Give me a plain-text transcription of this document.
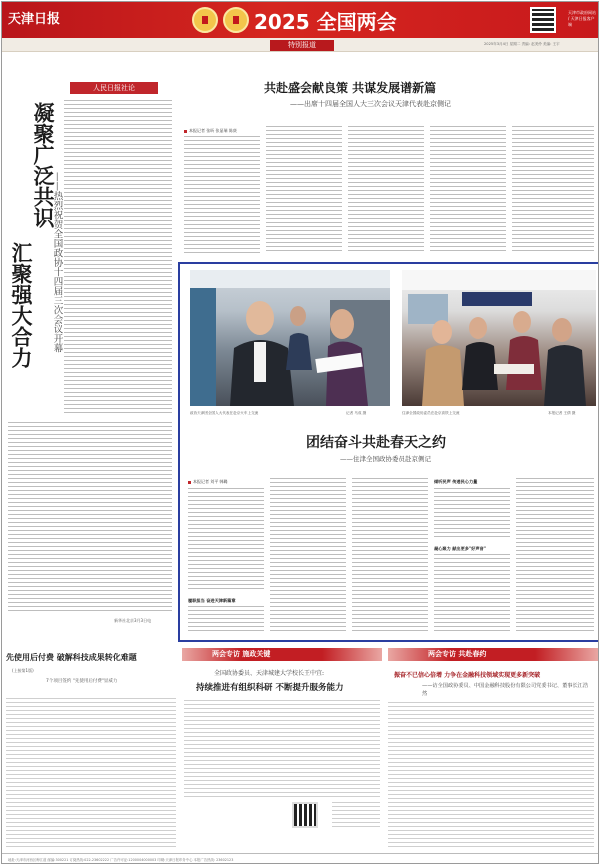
天津日报	2025 全国两会	天津市政府网站 / 天津日报客户端
特别报道	2025年3月4日 星期二 责编: 赵美伶 美编: 王宇
人民日报社论
凝聚广泛共识
汇聚强大合力 ——热烈祝贺全国政协十四届三次会议开幕
新华社北京3月3日电
共赴盛会献良策 共谋发展谱新篇
——出席十四届全国人大三次会议天津代表赴京侧记
本报记者 张昕 张显瑞 陈庚
政协天津团全国人大代表在赴京火车上交流	记者 马成 摄	住津全国政协委员在赴京高铁上交流	本报记者 王倩 摄
团结奋斗共赴春天之约
——住津全国政协委员赴京侧记
本报记者 刘平 韩璐
履职担当 奋进天津新篇章
倾听民声 传递民心力量
凝心聚力 献出更多"好声音"
先使用后付费 破解科技成果转化难题
(上接第1版)
7个项目签约 "先使用后付费"显威力
两会专访 施政关键
全国政协委员、天津城建大学校长王中宜:
持续推进有组织科研 不断提升服务能力
两会专访 共赴春约
振奋不已信心倍增 力争在金融科技领域实现更多新突破
——访全国政协委员、中国金融科技股份有限公司党委书记、董事长江浩然
地址:天津市河西区梅江道 邮编:300221 订阅热线:022-23602222 广告许可证:1200004000003 印刷:天津日报印务中心 本报广告热线: 23602123
